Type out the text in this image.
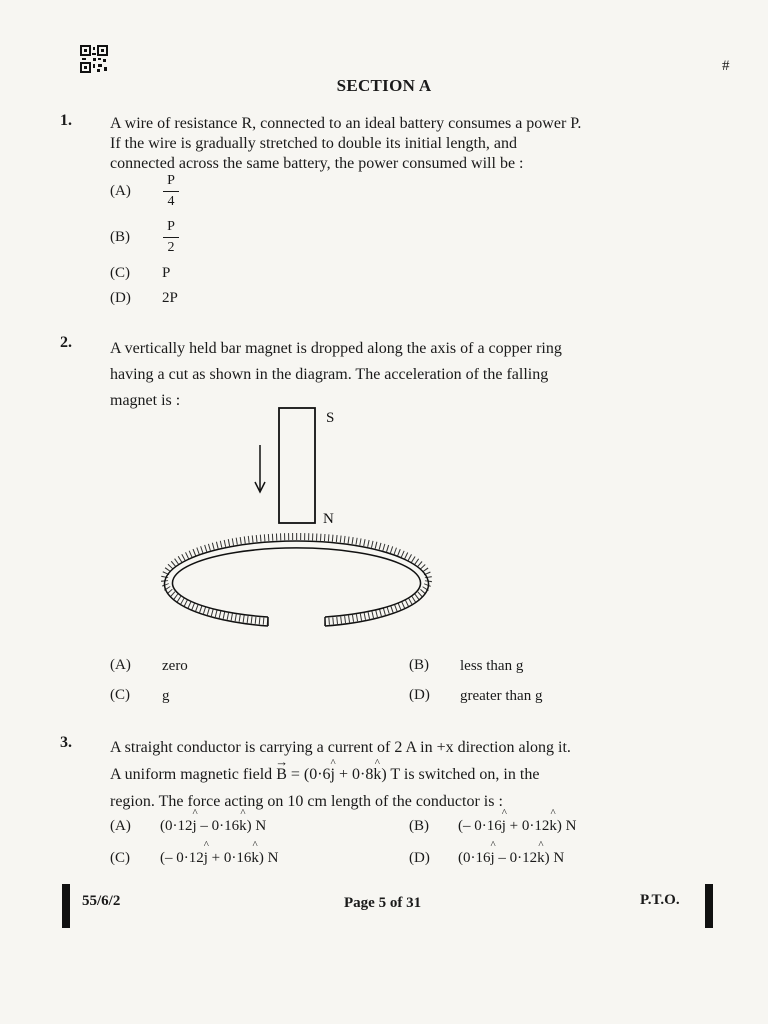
#
SECTION A
1. A wire of resistance R, connected to an ideal battery consumes a power P.
If the wire is gradually stretched to double its initial length, and
connected across the same battery, the power consumed will be :
(A)
P
4
(B)
P
2
(C) P
(D) 2P
2. A vertically held bar magnet is dropped along the axis of a copper ring
having a cut as shown in the diagram. The acceleration of the falling
magnet is :
S
N
(A) zero	(B) less than g
(C) g	(D) greater than g
3. A straight conductor is carrying a current of 2 A in +x direction along it.
A uniform magnetic field → B = (0·6^ j + 0·8^ k) T is switched on, in the
region. The force acting on 10 cm length of the conductor is :
(A) (0·12^ j – 0·16^ k) N	(B) (– 0·16^ j + 0·12^ k) N
(C) (– 0·12^ j + 0·16^ k) N	(D) (0·16^ j – 0·12^ k) N
55/6/2	Page 5 of 31	P.T.O.
